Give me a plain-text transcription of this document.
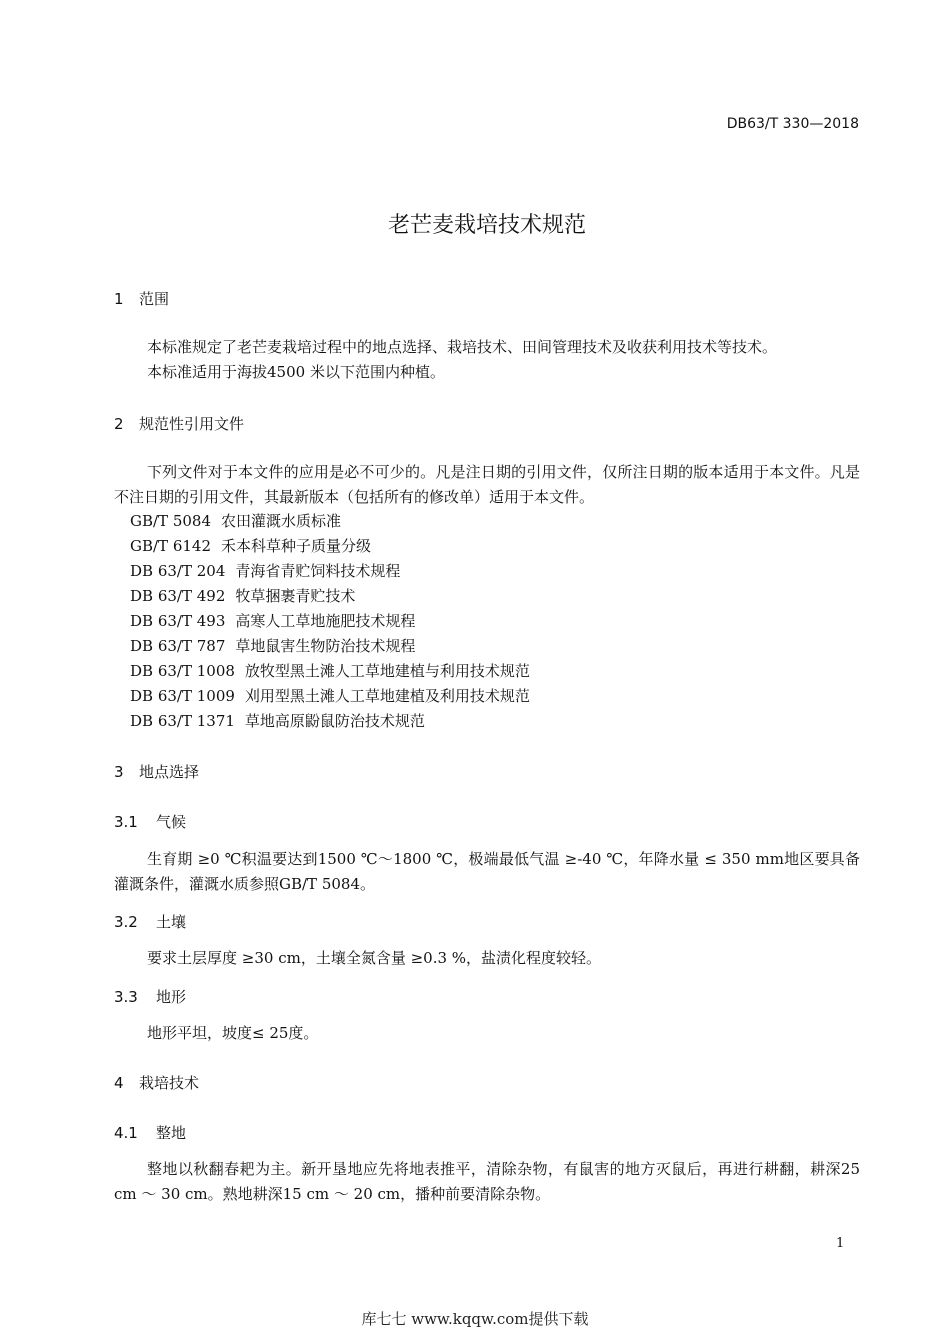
DB63/T 330—2018
老芒麦栽培技术规范
1 范围
本标准规定了老芒麦栽培过程中的地点选择、栽培技术、田间管理技术及收获利用技术等技术。
本标准适用于海拔4500 米以下范围内种植。
2 规范性引用文件
下列文件对于本文件的应用是必不可少的。凡是注日期的引用文件，仅所注日期的版本适用于本文件。凡是不注日期的引用文件，其最新版本（包括所有的修改单）适用于本文件。
GB/T 5084 农田灌溉水质标准
GB/T 6142 禾本科草种子质量分级
DB 63/T 204 青海省青贮饲料技术规程
DB 63/T 492 牧草捆裹青贮技术
DB 63/T 493 高寒人工草地施肥技术规程
DB 63/T 787 草地鼠害生物防治技术规程
DB 63/T 1008 放牧型黑土滩人工草地建植与利用技术规范
DB 63/T 1009 刈用型黑土滩人工草地建植及利用技术规范
DB 63/T 1371 草地高原鼢鼠防治技术规范
3 地点选择
3.1 气候
生育期 ≥0 ℃积温要达到1500 ℃～1800 ℃，极端最低气温 ≥-40 ℃，年降水量 ≤ 350 mm地区要具备灌溉条件，灌溉水质参照GB/T 5084。
3.2 土壤
要求土层厚度 ≥30 cm，土壤全氮含量 ≥0.3 %，盐渍化程度较轻。
3.3 地形
地形平坦，坡度≤ 25度。
4 栽培技术
4.1 整地
整地以秋翻春耙为主。新开垦地应先将地表推平，清除杂物，有鼠害的地方灭鼠后，再进行耕翻，耕深25 cm ～ 30 cm。熟地耕深15 cm ～ 20 cm，播种前要清除杂物。
1
库七七 www.kqqw.com提供下载
